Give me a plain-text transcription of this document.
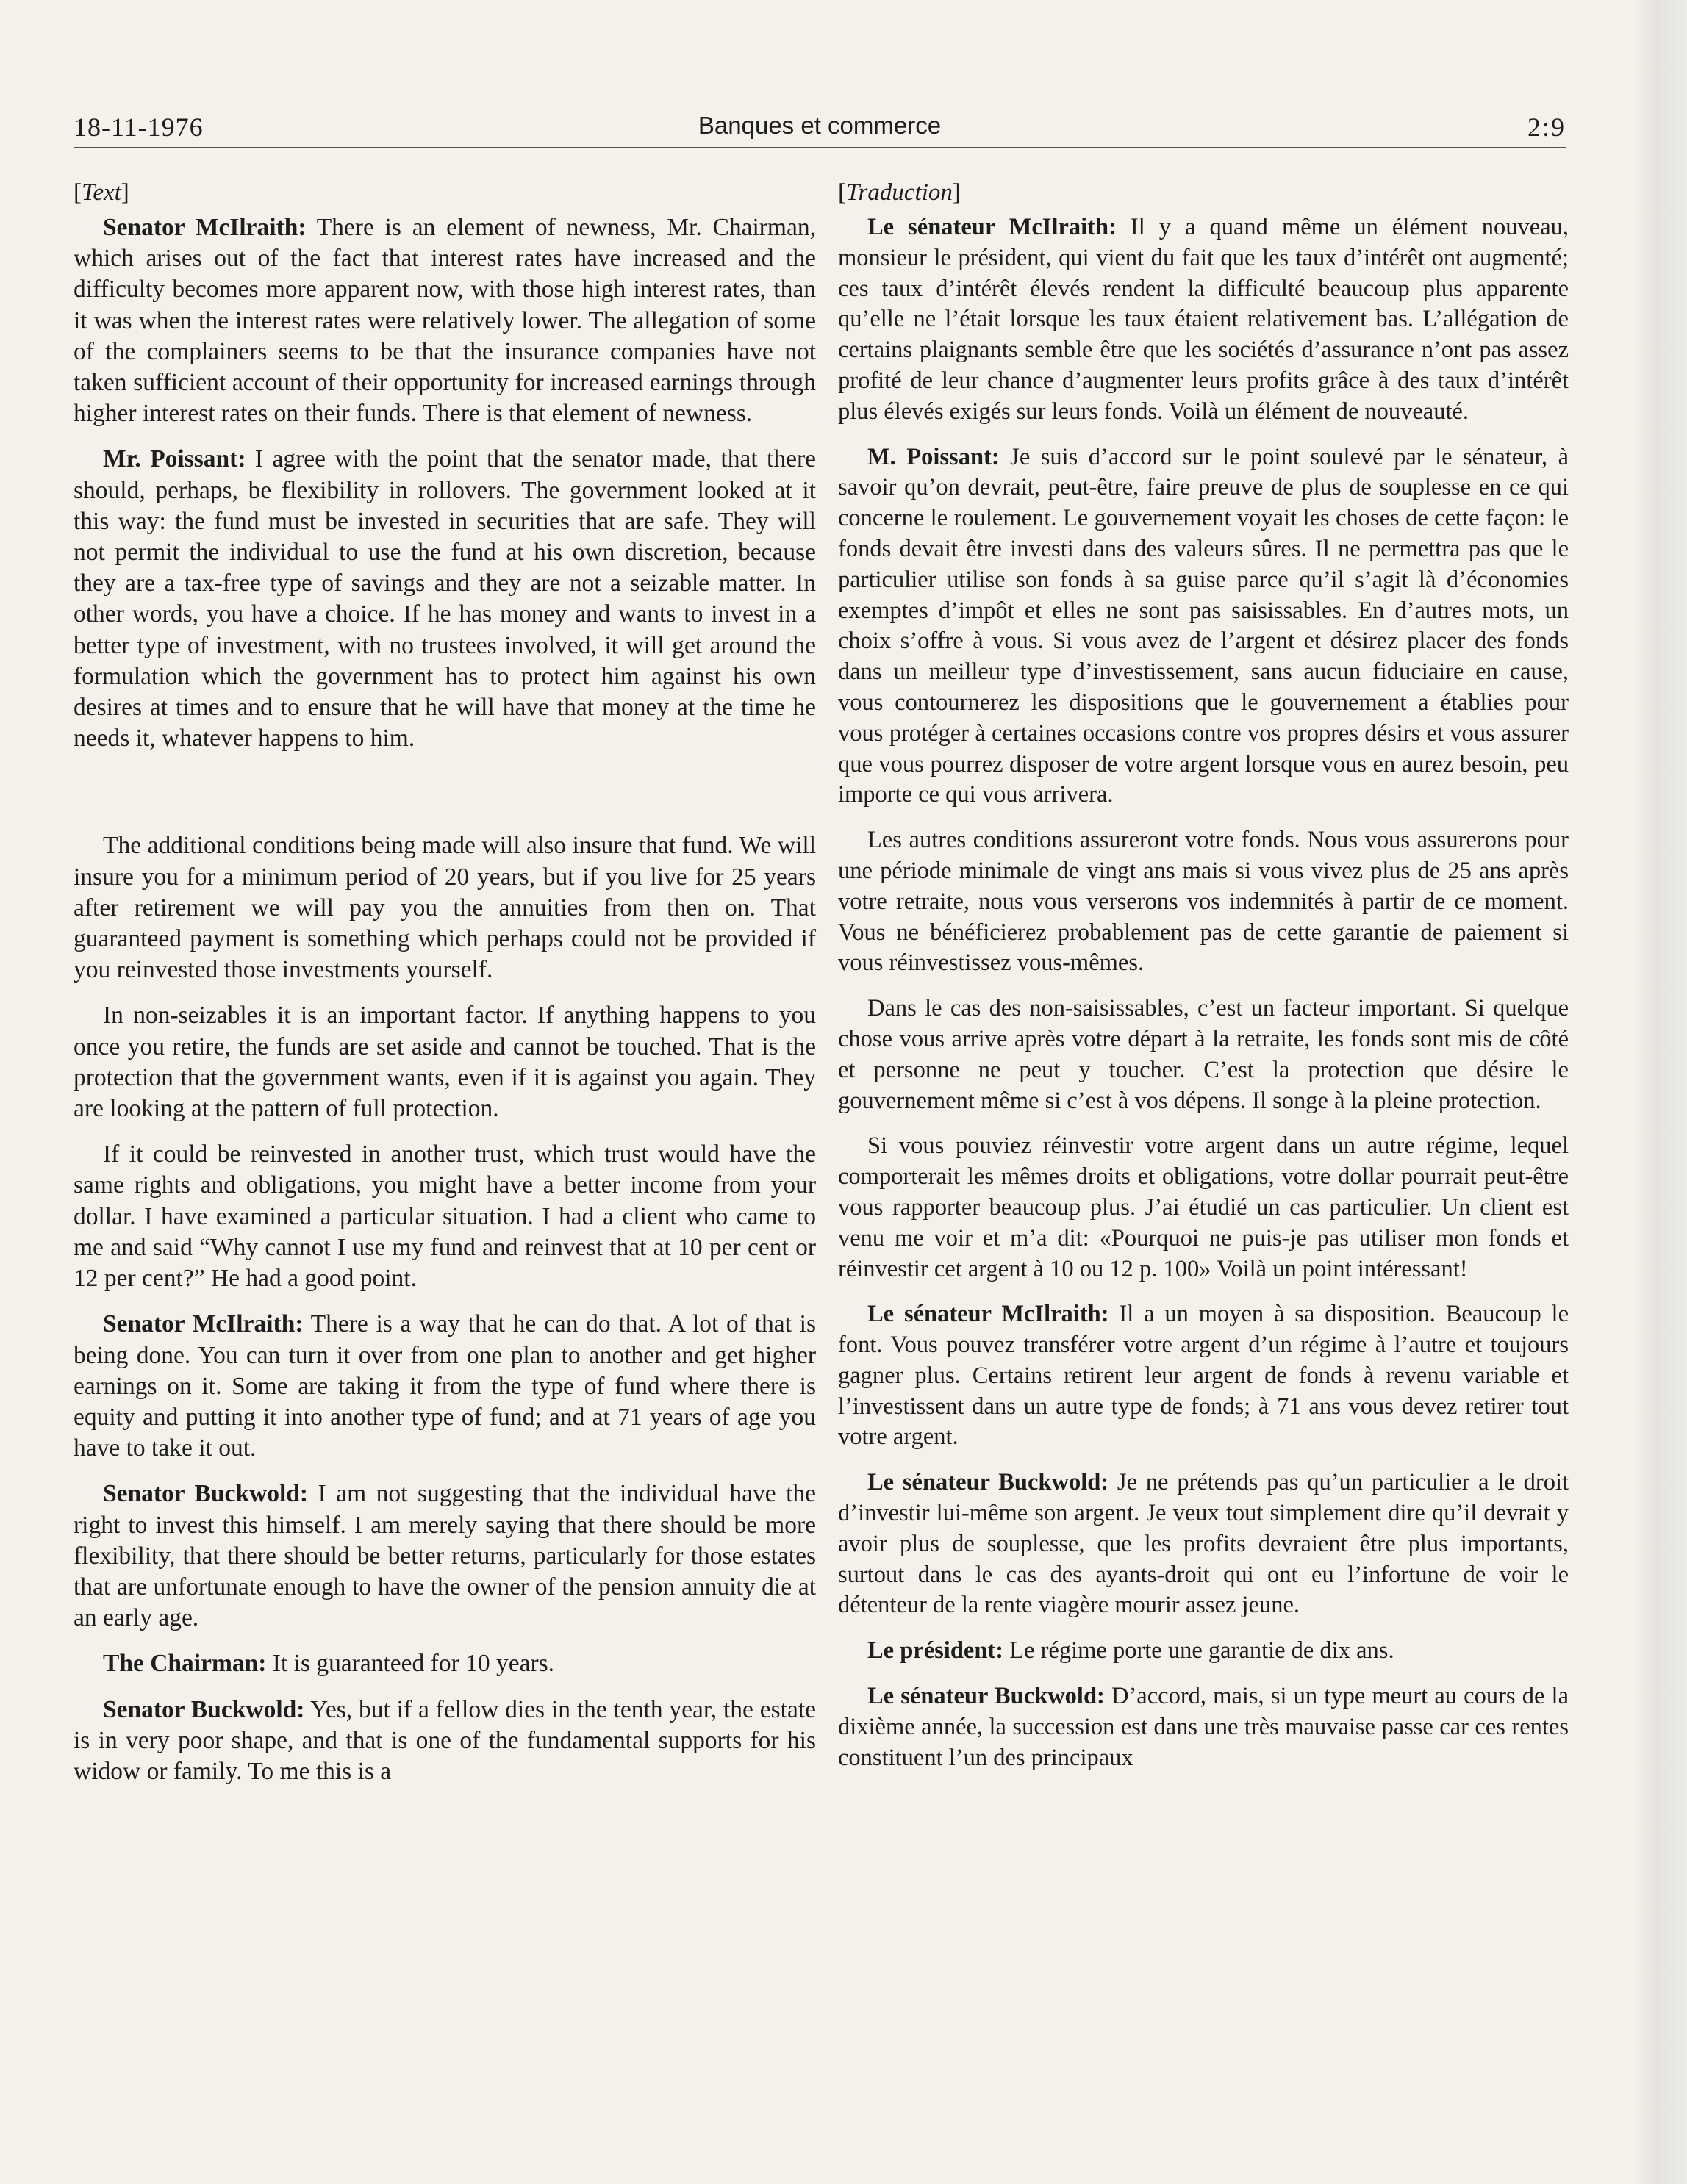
18-11-1976	Banques et commerce	2:9
[Text]

Senator McIlraith: There is an element of newness, Mr. Chairman, which arises out of the fact that interest rates have increased and the difficulty becomes more apparent now, with those high interest rates, than it was when the interest rates were relatively lower. The allegation of some of the complainers seems to be that the insurance companies have not taken sufficient account of their opportunity for increased earnings through higher interest rates on their funds. There is that element of newness.

Mr. Poissant: I agree with the point that the senator made, that there should, perhaps, be flexibility in rollovers. The government looked at it this way: the fund must be invested in securities that are safe. They will not permit the individual to use the fund at his own discretion, because they are a tax-free type of savings and they are not a seizable matter. In other words, you have a choice. If he has money and wants to invest in a better type of investment, with no trustees involved, it will get around the formulation which the government has to protect him against his own desires at times and to ensure that he will have that money at the time he needs it, whatever happens to him.

The additional conditions being made will also insure that fund. We will insure you for a minimum period of 20 years, but if you live for 25 years after retirement we will pay you the annuities from then on. That guaranteed payment is something which perhaps could not be provided if you reinvested those investments yourself.

In non-seizables it is an important factor. If anything happens to you once you retire, the funds are set aside and cannot be touched. That is the protection that the government wants, even if it is against you again. They are looking at the pattern of full protection.

If it could be reinvested in another trust, which trust would have the same rights and obligations, you might have a better income from your dollar. I have examined a particular situation. I had a client who came to me and said “Why cannot I use my fund and reinvest that at 10 per cent or 12 per cent?” He had a good point.

Senator McIlraith: There is a way that he can do that. A lot of that is being done. You can turn it over from one plan to another and get higher earnings on it. Some are taking it from the type of fund where there is equity and putting it into another type of fund; and at 71 years of age you have to take it out.

Senator Buckwold: I am not suggesting that the individual have the right to invest this himself. I am merely saying that there should be more flexibility, that there should be better returns, particularly for those estates that are unfortunate enough to have the owner of the pension annuity die at an early age.

The Chairman: It is guaranteed for 10 years.

Senator Buckwold: Yes, but if a fellow dies in the tenth year, the estate is in very poor shape, and that is one of the fundamental supports for his widow or family. To me this is a

[Traduction]

Le sénateur McIlraith: Il y a quand même un élément nouveau, monsieur le président, qui vient du fait que les taux d’intérêt ont augmenté; ces taux d’intérêt élevés rendent la difficulté beaucoup plus apparente qu’elle ne l’était lorsque les taux étaient relativement bas. L’allégation de certains plaignants semble être que les sociétés d’assurance n’ont pas assez profité de leur chance d’augmenter leurs profits grâce à des taux d’intérêt plus élevés exigés sur leurs fonds. Voilà un élément de nouveauté.

M. Poissant: Je suis d’accord sur le point soulevé par le sénateur, à savoir qu’on devrait, peut-être, faire preuve de plus de souplesse en ce qui concerne le roulement. Le gouvernement voyait les choses de cette façon: le fonds devait être investi dans des valeurs sûres. Il ne permettra pas que le particulier utilise son fonds à sa guise parce qu’il s’agit là d’économies exemptes d’impôt et elles ne sont pas saisissables. En d’autres mots, un choix s’offre à vous. Si vous avez de l’argent et désirez placer des fonds dans un meilleur type d’investissement, sans aucun fiduciaire en cause, vous contournerez les dispositions que le gouvernement a établies pour vous protéger à certaines occasions contre vos propres désirs et vous assurer que vous pourrez disposer de votre argent lorsque vous en aurez besoin, peu importe ce qui vous arrivera.

Les autres conditions assureront votre fonds. Nous vous assurerons pour une période minimale de vingt ans mais si vous vivez plus de 25 ans après votre retraite, nous vous verserons vos indemnités à partir de ce moment. Vous ne bénéficierez probablement pas de cette garantie de paiement si vous réinvestissez vous-mêmes.

Dans le cas des non-saisissables, c’est un facteur important. Si quelque chose vous arrive après votre départ à la retraite, les fonds sont mis de côté et personne ne peut y toucher. C’est la protection que désire le gouvernement même si c’est à vos dépens. Il songe à la pleine protection.

Si vous pouviez réinvestir votre argent dans un autre régime, lequel comporterait les mêmes droits et obligations, votre dollar pourrait peut-être vous rapporter beaucoup plus. J’ai étudié un cas particulier. Un client est venu me voir et m’a dit: «Pourquoi ne puis-je pas utiliser mon fonds et réinvestir cet argent à 10 ou 12 p. 100» Voilà un point intéressant!

Le sénateur McIlraith: Il a un moyen à sa disposition. Beaucoup le font. Vous pouvez transférer votre argent d’un régime à l’autre et toujours gagner plus. Certains retirent leur argent de fonds à revenu variable et l’investissent dans un autre type de fonds; à 71 ans vous devez retirer tout votre argent.

Le sénateur Buckwold: Je ne prétends pas qu’un particulier a le droit d’investir lui-même son argent. Je veux tout simplement dire qu’il devrait y avoir plus de souplesse, que les profits devraient être plus importants, surtout dans le cas des ayants-droit qui ont eu l’infortune de voir le détenteur de la rente viagère mourir assez jeune.

Le président: Le régime porte une garantie de dix ans.

Le sénateur Buckwold: D’accord, mais, si un type meurt au cours de la dixième année, la succession est dans une très mauvaise passe car ces rentes constituent l’un des principaux
